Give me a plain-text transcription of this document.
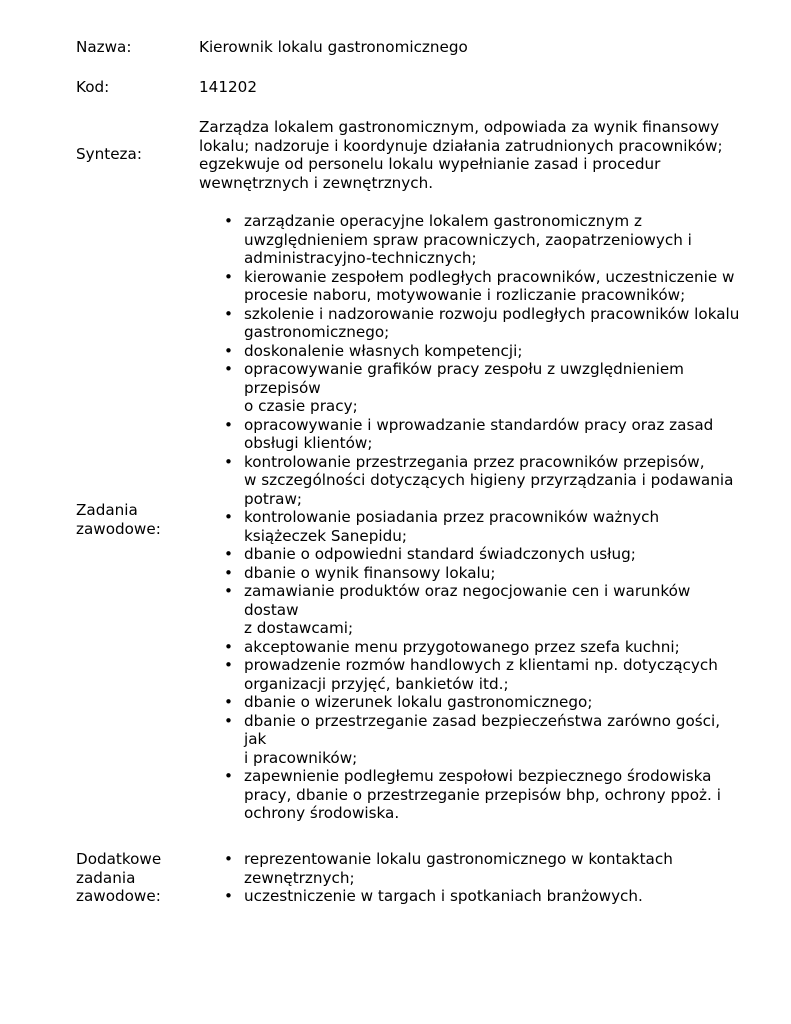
Nazwa:	Kierownik lokalu gastronomicznego
Kod:	141202
Synteza:
Zarządza lokalem gastronomicznym, odpowiada za wynik finansowy
lokalu; nadzoruje i koordynuje działania zatrudnionych pracowników;
egzekwuje od personelu lokalu wypełnianie zasad i procedur
wewnętrznych i zewnętrznych.
Zadania
zawodowe:
• zarządzanie operacyjne lokalem gastronomicznym z
uwzględnieniem spraw pracowniczych, zaopatrzeniowych i
administracyjno-technicznych;
• kierowanie zespołem podległych pracowników, uczestniczenie w
procesie naboru, motywowanie i rozliczanie pracowników;
• szkolenie i nadzorowanie rozwoju podległych pracowników lokalu
gastronomicznego;
• doskonalenie własnych kompetencji;
• opracowywanie grafików pracy zespołu z uwzględnieniem
przepisów
o czasie pracy;
• opracowywanie i wprowadzanie standardów pracy oraz zasad
obsługi klientów;
• kontrolowanie przestrzegania przez pracowników przepisów,
w szczególności dotyczących higieny przyrządzania i podawania
potraw;
• kontrolowanie posiadania przez pracowników ważnych
książeczek Sanepidu;
• dbanie o odpowiedni standard świadczonych usług;
• dbanie o wynik finansowy lokalu;
• zamawianie produktów oraz negocjowanie cen i warunków
dostaw
z dostawcami;
• akceptowanie menu przygotowanego przez szefa kuchni;
• prowadzenie rozmów handlowych z klientami np. dotyczących
organizacji przyjęć, bankietów itd.;
• dbanie o wizerunek lokalu gastronomicznego;
• dbanie o przestrzeganie zasad bezpieczeństwa zarówno gości,
jak
i pracowników;
• zapewnienie podległemu zespołowi bezpiecznego środowiska
pracy, dbanie o przestrzeganie przepisów bhp, ochrony ppoż. i
ochrony środowiska.
Dodatkowe
zadania
zawodowe:
• reprezentowanie lokalu gastronomicznego w kontaktach
zewnętrznych;
• uczestniczenie w targach i spotkaniach branżowych.
